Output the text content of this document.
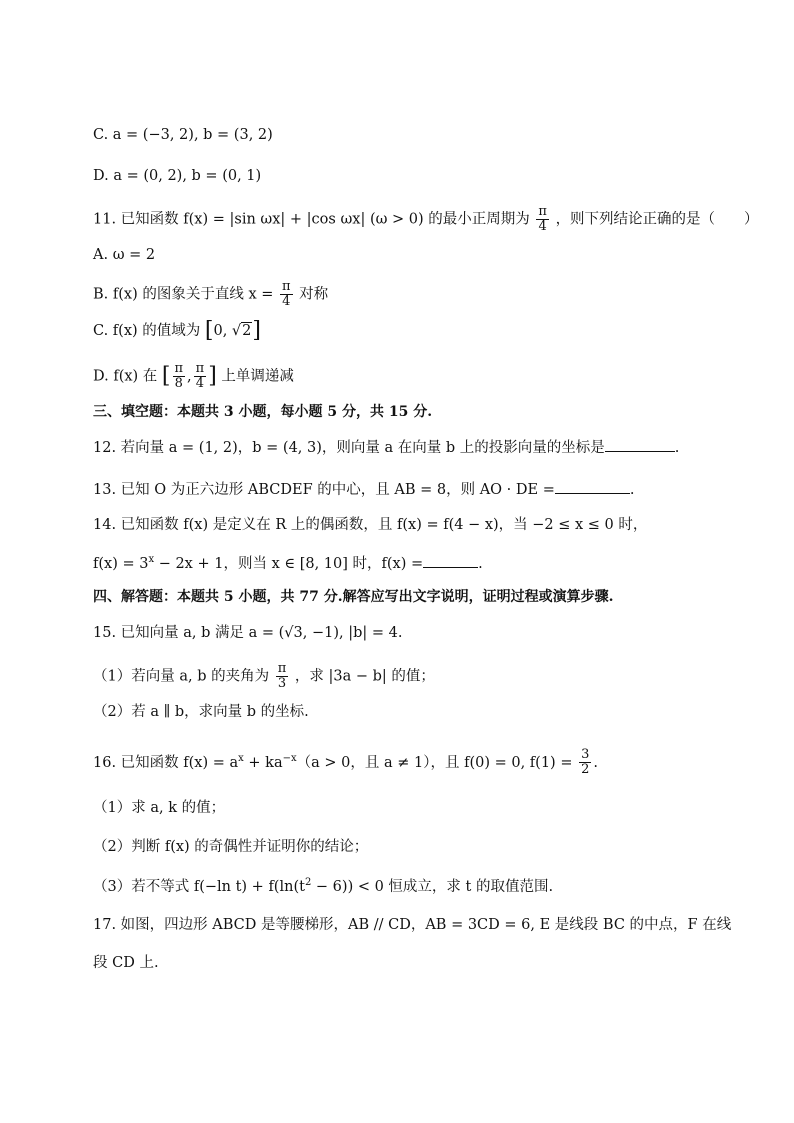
C. a = (−3, 2), b = (3, 2)
D. a = (0, 2), b = (0, 1)
11. 已知函数 f(x) = |sin ωx| + |cos ωx| (ω > 0) 的最小正周期为 $\frac{\pi}{4}$ ，则下列结论正确的是（　　）
A. ω = 2
B. f(x) 的图象关于直线 $x = \frac{\pi}{4}$ 对称
C. f(x) 的值域为 [0, √2]
D. f(x) 在 [ $\frac{\pi}{8}$ , $\frac{\pi}{4}$ ] 上单调递减
三、填空题：本题共 3 小题，每小题 5 分，共 15 分.
12. 若向量 a = (1, 2)，b = (4, 3)，则向量 a 在向量 b 上的投影向量的坐标是	.
13. 已知 O 为正六边形 ABCDEF 的中心，且 AB = 8，则 AO · DE =	.
14. 已知函数 f(x) 是定义在 R 上的偶函数，且 f(x) = f(4 − x)，当 −2 ≤ x ≤ 0 时，
$f(x) = 3^x - 2x + 1$，则当 x ∈ [8, 10] 时，f(x) =	.
四、解答题：本题共 5 小题，共 77 分.解答应写出文字说明，证明过程或演算步骤.
15. 已知向量 a, b 满足 a = (√3, −1), |b| = 4.
（1）若向量 a, b 的夹角为 $\frac{\pi}{3}$ ，求 |3a − b| 的值；
（2）若 a ∥ b，求向量 b 的坐标.
16. 已知函数 $f(x) = a^x + ka^{-x}(a > 0$，且 a ≠ 1），且 f(0) = 0, $f(1) = \frac{3}{2}$ .
（1）求 a, k 的值；
（2）判断 f(x) 的奇偶性并证明你的结论；
（3）若不等式 f(−ln $t) + f(\ln(t^2 - 6)) < 0$ 恒成立，求 t 的取值范围.
17. 如图，四边形 ABCD 是等腰梯形，AB // CD，AB = 3CD = 6, E 是线段 BC 的中点，F 在线
段 CD 上.
